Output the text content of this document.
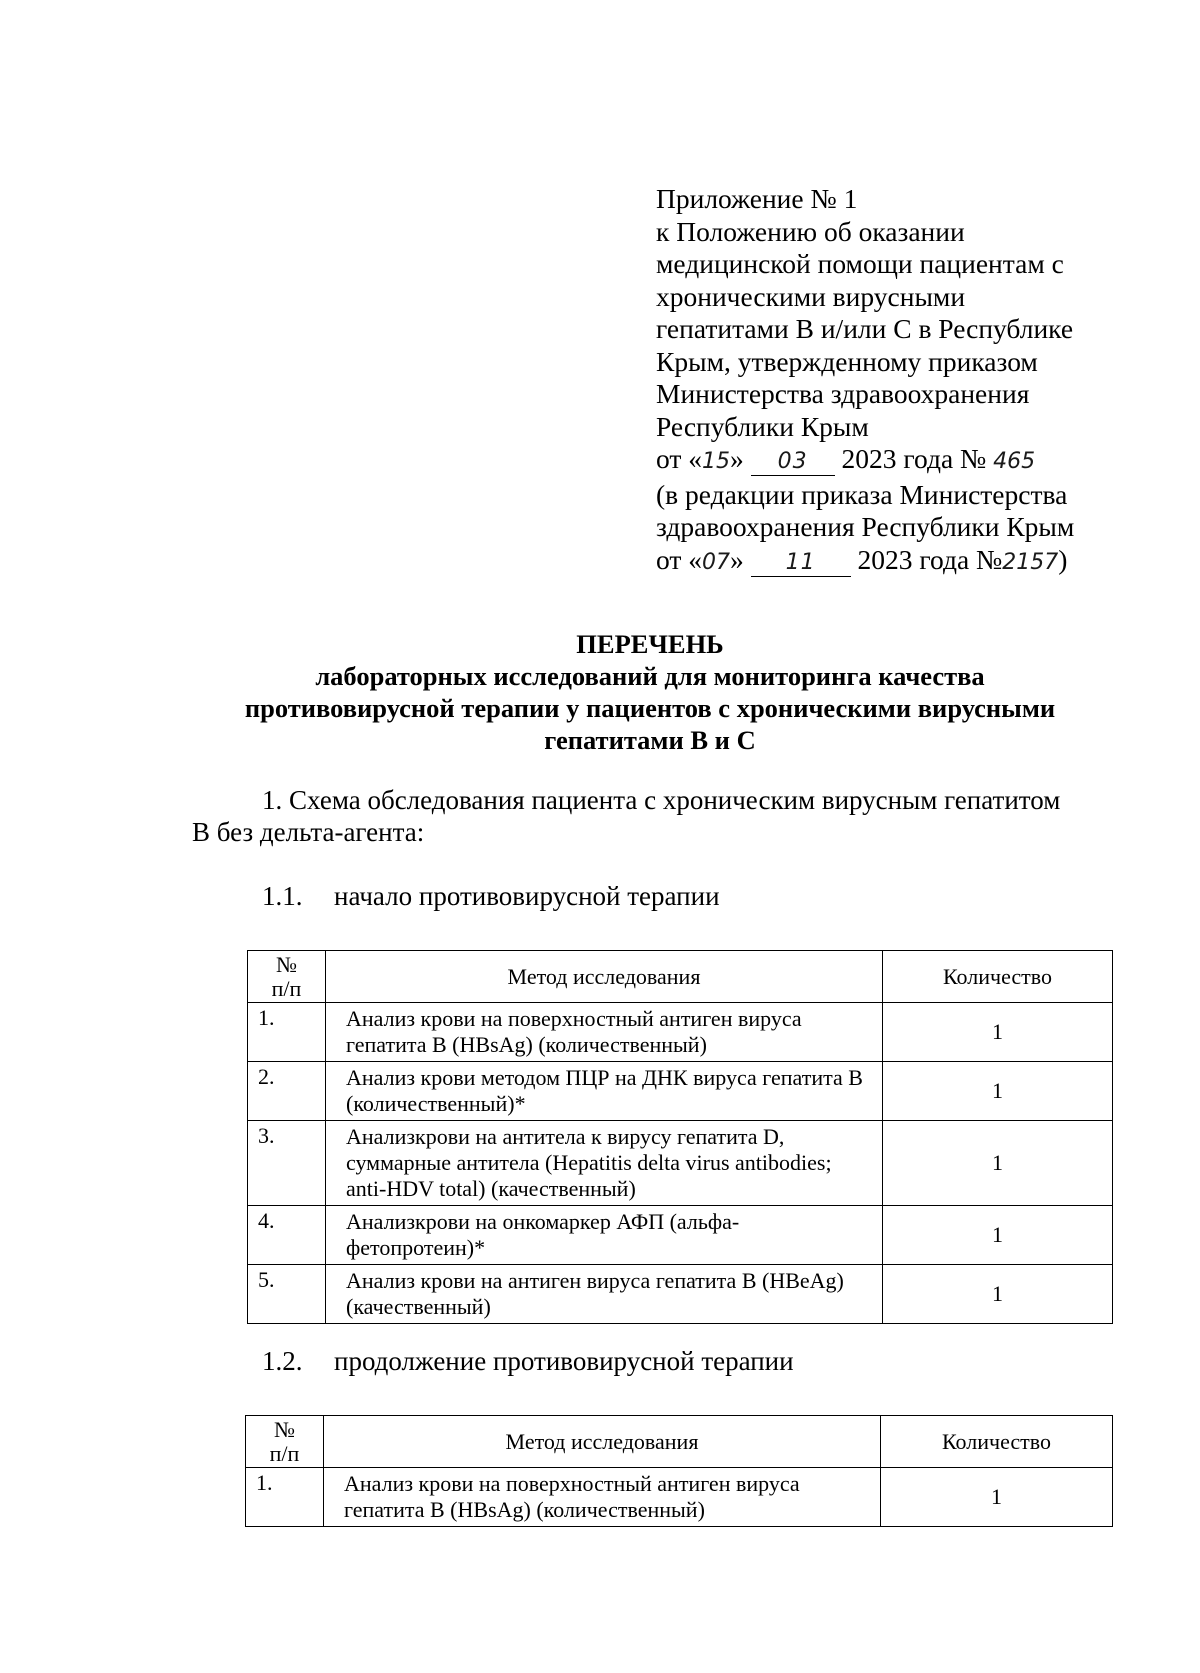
Приложение № 1
к Положению об оказании
медицинской помощи пациентам с
хроническими вирусными
гепатитами В и/или С в Республике
Крым, утвержденному приказом
Министерства здравоохранения
Республики Крым
от «15» 03 2023 года № 465
(в редакции приказа Министерства
здравоохранения Республики Крым
от «07» 11 2023 года №2157)
ПЕРЕЧЕНЬ
лабораторных исследований для мониторинга качества
противовирусной терапии у пациентов с хроническими вирусными
гепатитами В и С
1. Схема обследования пациента с хроническим вирусным гепатитом
В без дельта-агента:
1.1. начало противовирусной терапии
№
п/п	Метод исследования	Количество
1.	Анализ крови на поверхностный антиген вируса гепатита В (HBsAg) (количественный)	1
2.	Анализ крови методом ПЦР на ДНК вируса гепатита В (количественный)*	1
3.	Анализкрови на антитела к вирусу гепатита D, суммарные антитела (Hepatitis delta virus antibodies; anti-HDV total) (качественный)	1
4.	Анализкрови на онкомаркер АФП (альфа-фетопротеин)*	1
5.	Анализ крови на антиген вируса гепатита В (HBeAg) (качественный)	1
1.2. продолжение противовирусной терапии
№
п/п	Метод исследования	Количество
1.	Анализ крови на поверхностный антиген вируса гепатита В (HBsAg) (количественный)	1
